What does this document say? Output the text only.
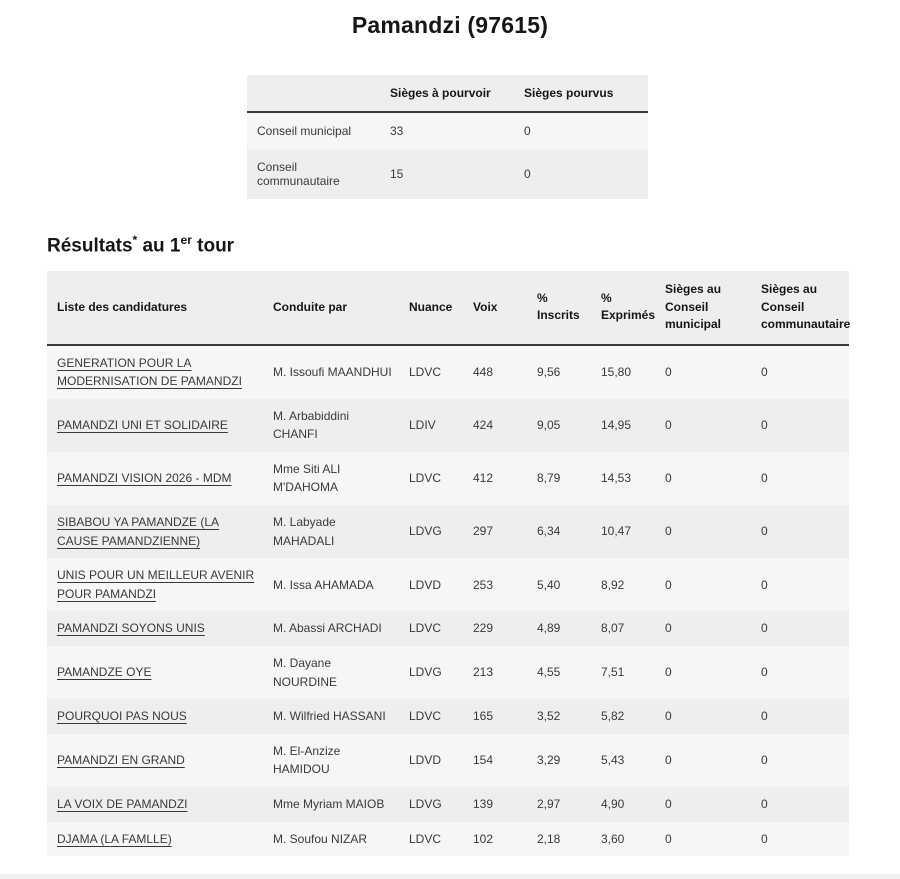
Pamandzi (97615)
	Sièges à pourvoir	Sièges pourvus
Conseil municipal	33	0
Conseil communautaire	15	0
Résultats* au 1er tour
Liste des candidatures	Conduite par	Nuance	Voix	% Inscrits	% Exprimés	Sièges au Conseil municipal	Sièges au Conseil communautaire
GENERATION POUR LA MODERNISATION DE PAMANDZI	M. Issoufi MAANDHUI	LDVC	448	9,56	15,80	0	0
PAMANDZI UNI ET SOLIDAIRE	M. Arbabiddini CHANFI	LDIV	424	9,05	14,95	0	0
PAMANDZI VISION 2026 - MDM	Mme Siti ALI M'DAHOMA	LDVC	412	8,79	14,53	0	0
SIBABOU YA PAMANDZE (LA CAUSE PAMANDZIENNE)	M. Labyade MAHADALI	LDVG	297	6,34	10,47	0	0
UNIS POUR UN MEILLEUR AVENIR POUR PAMANDZI	M. Issa AHAMADA	LDVD	253	5,40	8,92	0	0
PAMANDZI SOYONS UNIS	M. Abassi ARCHADI	LDVC	229	4,89	8,07	0	0
PAMANDZE OYE	M. Dayane NOURDINE	LDVG	213	4,55	7,51	0	0
POURQUOI PAS NOUS	M. Wilfried HASSANI	LDVC	165	3,52	5,82	0	0
PAMANDZI EN GRAND	M. El-Anzize HAMIDOU	LDVD	154	3,29	5,43	0	0
LA VOIX DE PAMANDZI	Mme Myriam MAIOB	LDVG	139	2,97	4,90	0	0
DJAMA (LA FAMLLE)	M. Soufou NIZAR	LDVC	102	2,18	3,60	0	0
